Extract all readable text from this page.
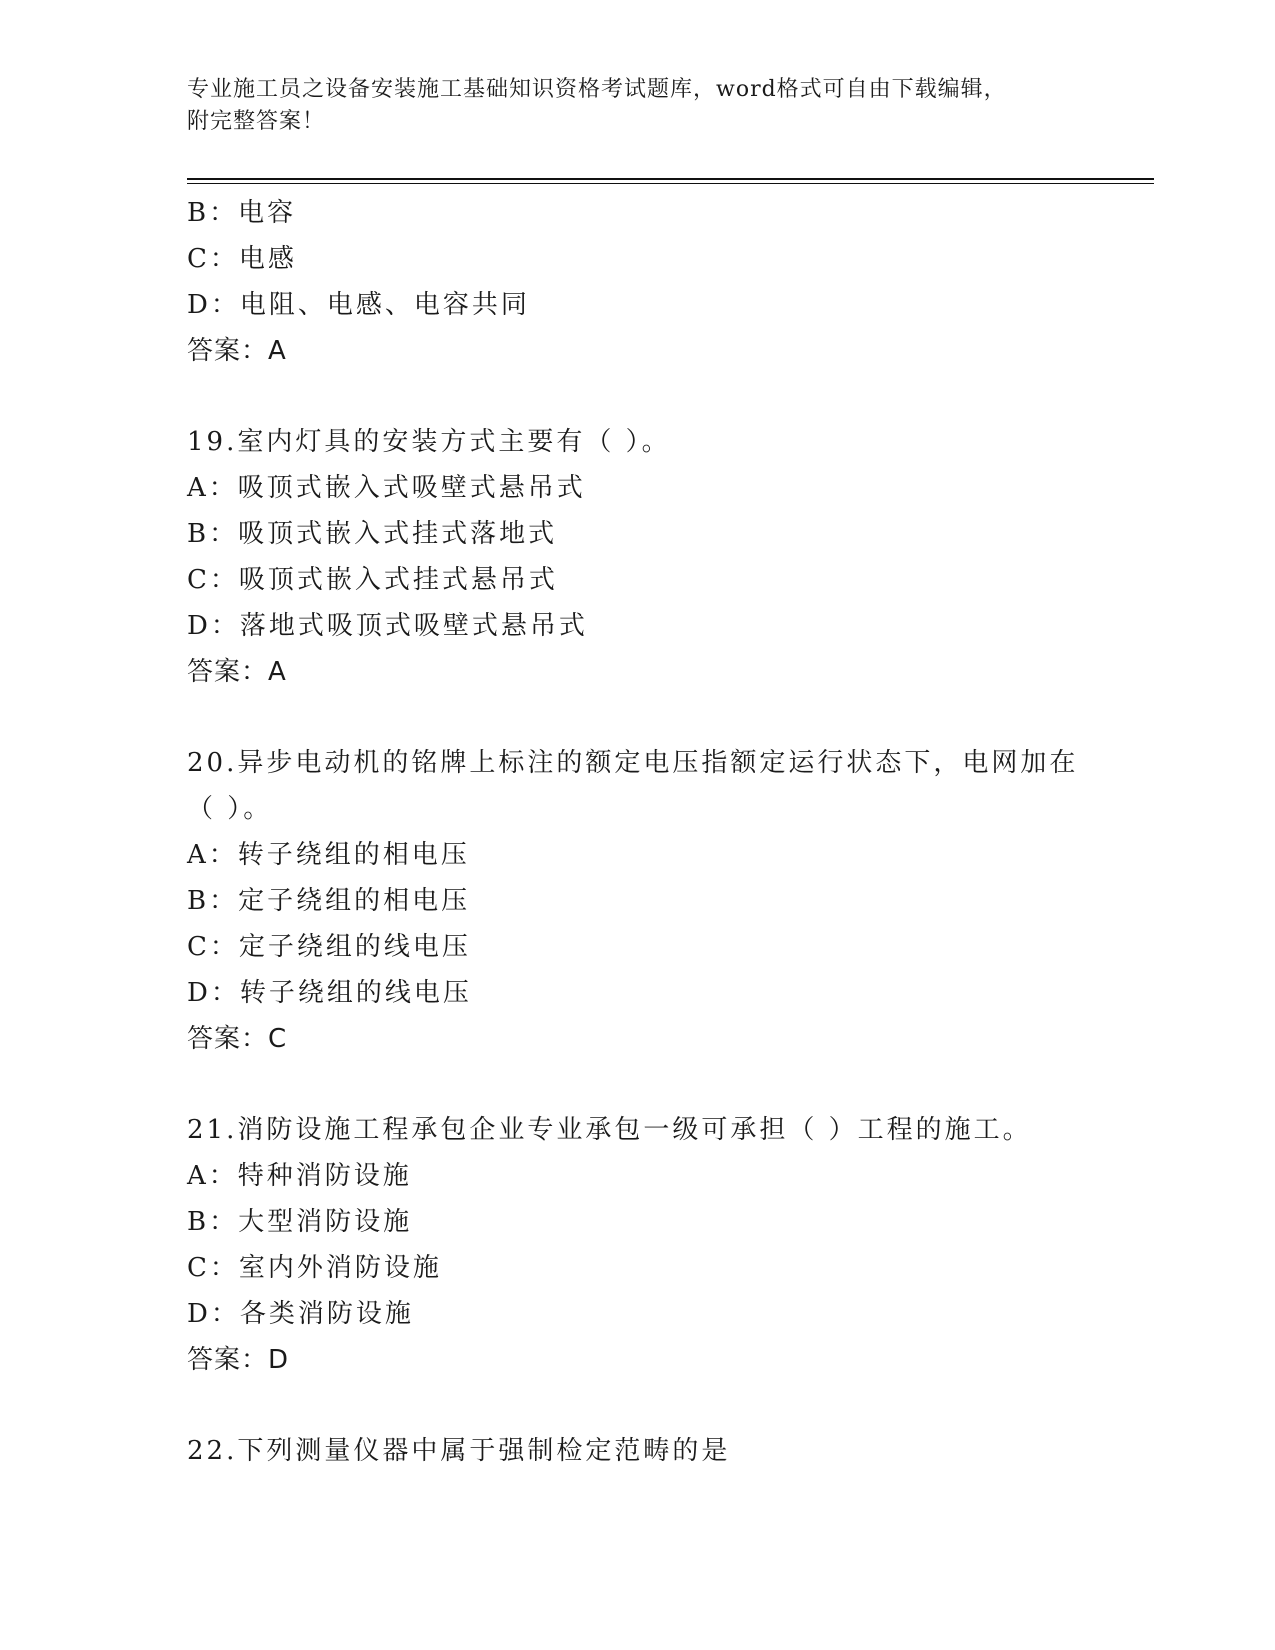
专业施工员之设备安装施工基础知识资格考试题库，word格式可自由下载编辑，
附完整答案！
B：电容
C：电感
D：电阻、电感、电容共同
答案：A
19.室内灯具的安装方式主要有（ ）。
A：吸顶式嵌入式吸壁式悬吊式
B：吸顶式嵌入式挂式落地式
C：吸顶式嵌入式挂式悬吊式
D：落地式吸顶式吸壁式悬吊式
答案：A
20.异步电动机的铭牌上标注的额定电压指额定运行状态下，电网加在
（ ）。
A：转子绕组的相电压
B：定子绕组的相电压
C：定子绕组的线电压
D：转子绕组的线电压
答案：C
21.消防设施工程承包企业专业承包一级可承担（ ）工程的施工。
A：特种消防设施
B：大型消防设施
C：室内外消防设施
D：各类消防设施
答案：D
22.下列测量仪器中属于强制检定范畴的是
